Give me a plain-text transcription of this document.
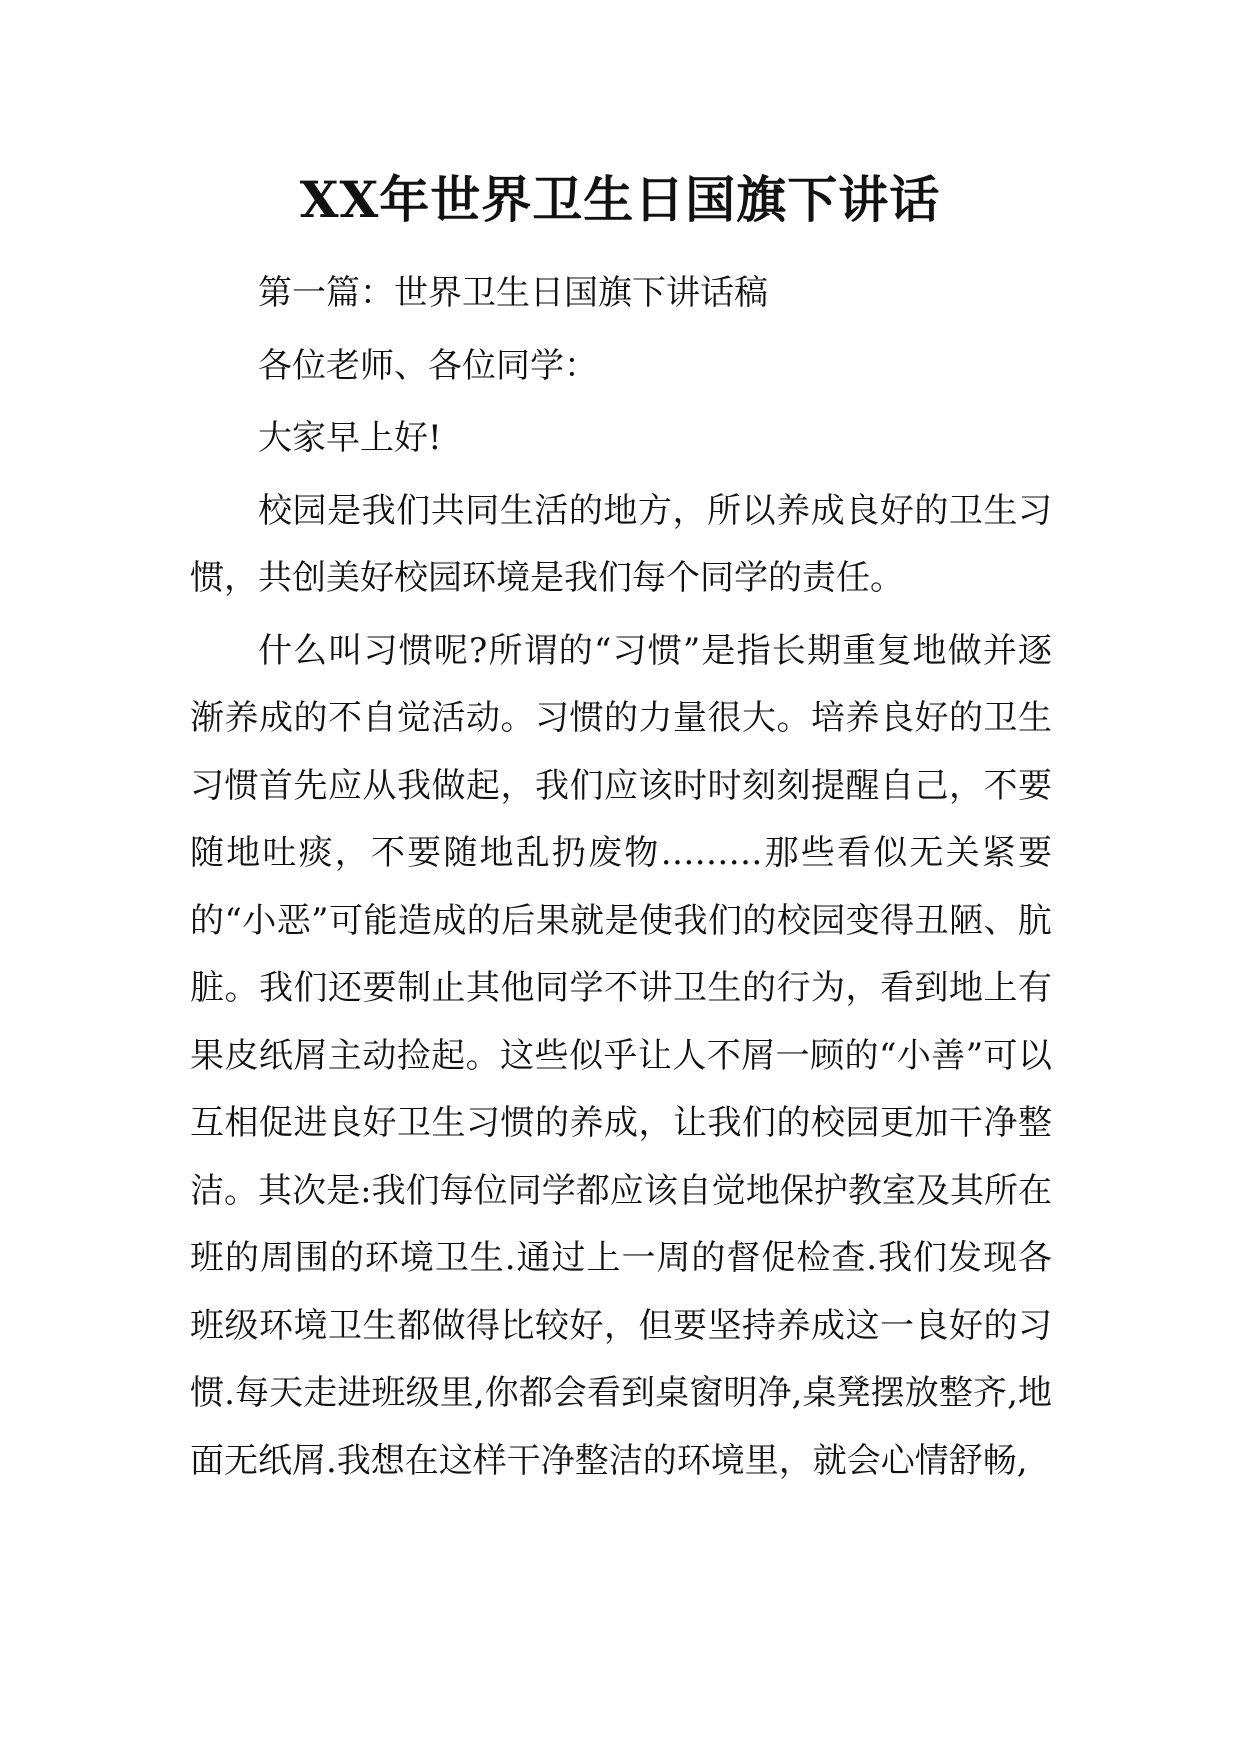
XX年世界卫生日国旗下讲话

第一篇：世界卫生日国旗下讲话稿

各位老师、各位同学：

大家早上好!

校园是我们共同生活的地方，所以养成良好的卫生习惯，共创美好校园环境是我们每个同学的责任。

什么叫习惯呢?所谓的“习惯”是指长期重复地做并逐渐养成的不自觉活动。习惯的力量很大。培养良好的卫生习惯首先应从我做起，我们应该时时刻刻提醒自己，不要随地吐痰，不要随地乱扔废物………那些看似无关紧要的“小恶”可能造成的后果就是使我们的校园变得丑陋、肮脏。我们还要制止其他同学不讲卫生的行为，看到地上有果皮纸屑主动捡起。这些似乎让人不屑一顾的“小善”可以互相促进良好卫生习惯的养成，让我们的校园更加干净整洁。其次是:我们每位同学都应该自觉地保护教室及其所在班的周围的环境卫生.通过上一周的督促检查.我们发现各班级环境卫生都做得比较好，但要坚持养成这一良好的习惯.每天走进班级里,你都会看到桌窗明净,桌凳摆放整齐,地面无纸屑.我想在这样干净整洁的环境里，就会心情舒畅,
